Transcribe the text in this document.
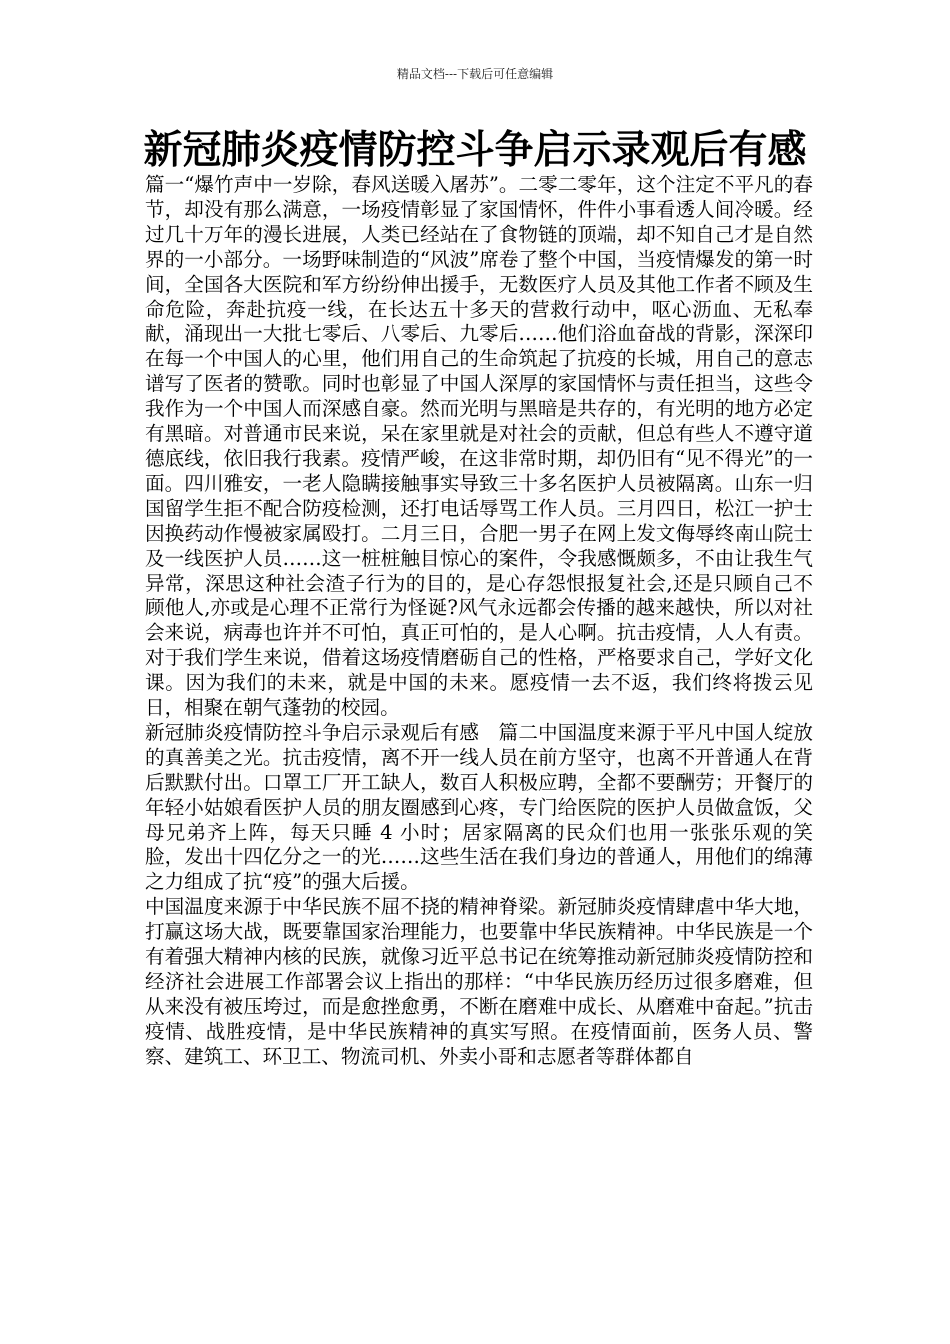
精品文档---下载后可任意编辑
新冠肺炎疫情防控斗争启示录观后有感

篇一“爆竹声中一岁除，春风送暖入屠苏”。二零二零年，这个注定不平凡的春节，却没有那么满意，一场疫情彰显了家国情怀，件件小事看透人间冷暖。经过几十万年的漫长进展，人类已经站在了食物链的顶端，却不知自己才是自然界的一小部分。一场野味制造的“风波”席卷了整个中国，当疫情爆发的第一时间，全国各大医院和军方纷纷伸出援手，无数医疗人员及其他工作者不顾及生命危险，奔赴抗疫一线，在长达五十多天的营救行动中，呕心沥血、无私奉献，涌现出一大批七零后、八零后、九零后……他们浴血奋战的背影，深深印在每一个中国人的心里，他们用自己的生命筑起了抗疫的长城，用自己的意志谱写了医者的赞歌。同时也彰显了中国人深厚的家国情怀与责任担当，这些令我作为一个中国人而深感自豪。然而光明与黑暗是共存的，有光明的地方必定有黑暗。对普通市民来说，呆在家里就是对社会的贡献，但总有些人不遵守道德底线，依旧我行我素。疫情严峻，在这非常时期，却仍旧有“见不得光”的一面。四川雅安，一老人隐瞒接触事实导致三十多名医护人员被隔离。山东一归国留学生拒不配合防疫检测，还打电话辱骂工作人员。三月四日，松江一护士因换药动作慢被家属殴打。二月三日，合肥一男子在网上发文侮辱终南山院士及一线医护人员……这一桩桩触目惊心的案件，令我感慨颇多，不由让我生气异常，深思这种社会渣子行为的目的，是心存怨恨报复社会,还是只顾自己不顾他人,亦或是心理不正常行为怪诞?风气永远都会传播的越来越快，所以对社会来说，病毒也许并不可怕，真正可怕的，是人心啊。抗击疫情，人人有责。对于我们学生来说，借着这场疫情磨砺自己的性格，严格要求自己，学好文化课。因为我们的未来，就是中国的未来。愿疫情一去不返，我们终将拨云见日，相聚在朝气蓬勃的校园。

新冠肺炎疫情防控斗争启示录观后有感　篇二中国温度来源于平凡中国人绽放的真善美之光。抗击疫情，离不开一线人员在前方坚守，也离不开普通人在背后默默付出。口罩工厂开工缺人，数百人积极应聘，全都不要酬劳；开餐厅的年轻小姑娘看医护人员的朋友圈感到心疼，专门给医院的医护人员做盒饭，父母兄弟齐上阵，每天只睡 4 小时；居家隔离的民众们也用一张张乐观的笑脸，发出十四亿分之一的光……这些生活在我们身边的普通人，用他们的绵薄之力组成了抗“疫”的强大后援。

中国温度来源于中华民族不屈不挠的精神脊梁。新冠肺炎疫情肆虐中华大地，打赢这场大战，既要靠国家治理能力，也要靠中华民族精神。中华民族是一个有着强大精神内核的民族，就像习近平总书记在统筹推动新冠肺炎疫情防控和经济社会进展工作部署会议上指出的那样：“中华民族历经历过很多磨难，但从来没有被压垮过，而是愈挫愈勇，不断在磨难中成长、从磨难中奋起。”抗击疫情、战胜疫情，是中华民族精神的真实写照。在疫情面前，医务人员、警察、建筑工、环卫工、物流司机、外卖小哥和志愿者等群体都自
